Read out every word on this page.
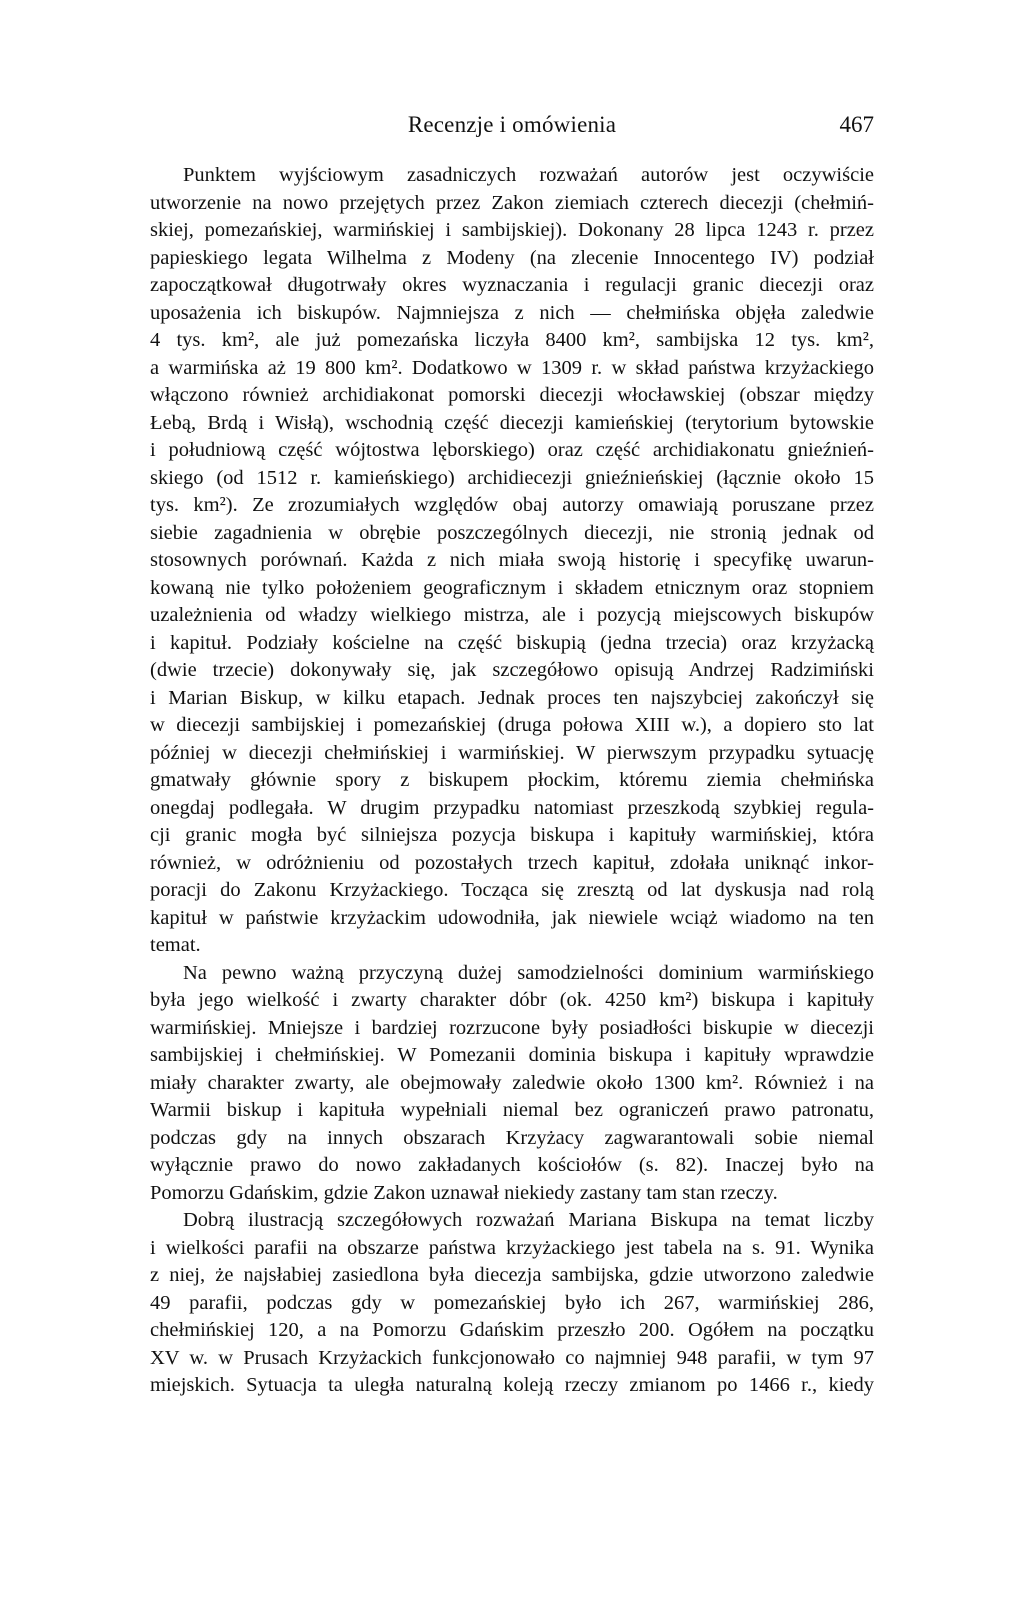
Recenzje i omówienia	467
Punktem wyjściowym zasadniczych rozważań autorów jest oczywiście
utworzenie na nowo przejętych przez Zakon ziemiach czterech diecezji (chełmiń-
skiej, pomezańskiej, warmińskiej i sambijskiej). Dokonany 28 lipca 1243 r. przez
papieskiego legata Wilhelma z Modeny (na zlecenie Innocentego IV) podział
zapoczątkował długotrwały okres wyznaczania i regulacji granic diecezji oraz
uposażenia ich biskupów. Najmniejsza z nich — chełmińska objęła zaledwie
4 tys. km², ale już pomezańska liczyła 8400 km², sambijska 12 tys. km²,
a warmińska aż 19 800 km². Dodatkowo w 1309 r. w skład państwa krzyżackiego
włączono również archidiakonat pomorski diecezji włocławskiej (obszar między
Łebą, Brdą i Wisłą), wschodnią część diecezji kamieńskiej (terytorium bytowskie
i południową część wójtostwa lęborskiego) oraz część archidiakonatu gnieźnień-
skiego (od 1512 r. kamieńskiego) archidiecezji gnieźnieńskiej (łącznie około 15
tys. km²). Ze zrozumiałych względów obaj autorzy omawiają poruszane przez
siebie zagadnienia w obrębie poszczególnych diecezji, nie stronią jednak od
stosownych porównań. Każda z nich miała swoją historię i specyfikę uwarun-
kowaną nie tylko położeniem geograficznym i składem etnicznym oraz stopniem
uzależnienia od władzy wielkiego mistrza, ale i pozycją miejscowych biskupów
i kapituł. Podziały kościelne na część biskupią (jedna trzecia) oraz krzyżacką
(dwie trzecie) dokonywały się, jak szczegółowo opisują Andrzej Radzimiński
i Marian Biskup, w kilku etapach. Jednak proces ten najszybciej zakończył się
w diecezji sambijskiej i pomezańskiej (druga połowa XIII w.), a dopiero sto lat
później w diecezji chełmińskiej i warmińskiej. W pierwszym przypadku sytuację
gmatwały głównie spory z biskupem płockim, któremu ziemia chełmińska
onegdaj podlegała. W drugim przypadku natomiast przeszkodą szybkiej regula-
cji granic mogła być silniejsza pozycja biskupa i kapituły warmińskiej, która
również, w odróżnieniu od pozostałych trzech kapituł, zdołała uniknąć inkor-
poracji do Zakonu Krzyżackiego. Tocząca się zresztą od lat dyskusja nad rolą
kapituł w państwie krzyżackim udowodniła, jak niewiele wciąż wiadomo na ten
temat.
Na pewno ważną przyczyną dużej samodzielności dominium warmińskiego
była jego wielkość i zwarty charakter dóbr (ok. 4250 km²) biskupa i kapituły
warmińskiej. Mniejsze i bardziej rozrzucone były posiadłości biskupie w diecezji
sambijskiej i chełmińskiej. W Pomezanii dominia biskupa i kapituły wprawdzie
miały charakter zwarty, ale obejmowały zaledwie około 1300 km². Również i na
Warmii biskup i kapituła wypełniali niemal bez ograniczeń prawo patronatu,
podczas gdy na innych obszarach Krzyżacy zagwarantowali sobie niemal
wyłącznie prawo do nowo zakładanych kościołów (s. 82). Inaczej było na
Pomorzu Gdańskim, gdzie Zakon uznawał niekiedy zastany tam stan rzeczy.
Dobrą ilustracją szczegółowych rozważań Mariana Biskupa na temat liczby
i wielkości parafii na obszarze państwa krzyżackiego jest tabela na s. 91. Wynika
z niej, że najsłabiej zasiedlona była diecezja sambijska, gdzie utworzono zaledwie
49 parafii, podczas gdy w pomezańskiej było ich 267, warmińskiej 286,
chełmińskiej 120, a na Pomorzu Gdańskim przeszło 200. Ogółem na początku
XV w. w Prusach Krzyżackich funkcjonowało co najmniej 948 parafii, w tym 97
miejskich. Sytuacja ta uległa naturalną koleją rzeczy zmianom po 1466 r., kiedy
